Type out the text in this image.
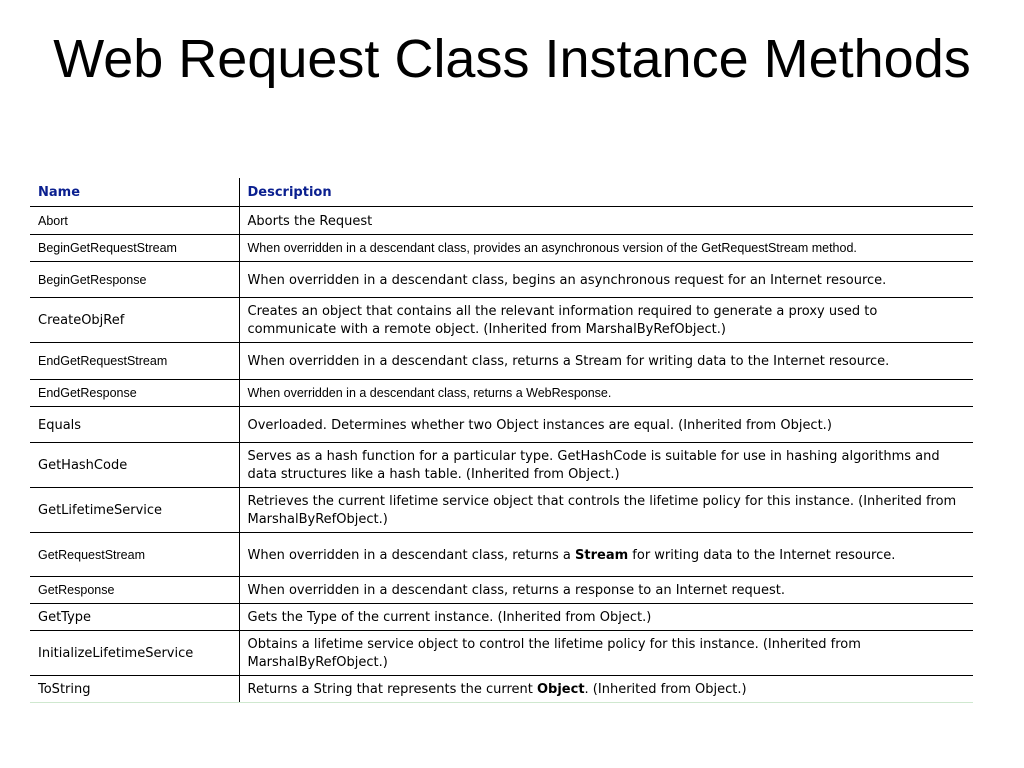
Web Request Class Instance Methods
Name	Description
Abort	Aborts the Request
BeginGetRequestStream	When overridden in a descendant class, provides an asynchronous version of the GetRequestStream method.
BeginGetResponse	When overridden in a descendant class, begins an asynchronous request for an Internet resource.
CreateObjRef	Creates an object that contains all the relevant information required to generate a proxy used to communicate with a remote object. (Inherited from MarshalByRefObject.)
EndGetRequestStream	When overridden in a descendant class, returns a Stream for writing data to the Internet resource.
EndGetResponse	When overridden in a descendant class, returns a WebResponse.
Equals	Overloaded. Determines whether two Object instances are equal. (Inherited from Object.)
GetHashCode	Serves as a hash function for a particular type. GetHashCode is suitable for use in hashing algorithms and data structures like a hash table. (Inherited from Object.)
GetLifetimeService	Retrieves the current lifetime service object that controls the lifetime policy for this instance. (Inherited from MarshalByRefObject.)
GetRequestStream	When overridden in a descendant class, returns a Stream for writing data to the Internet resource.
GetResponse	When overridden in a descendant class, returns a response to an Internet request.
GetType	Gets the Type of the current instance. (Inherited from Object.)
InitializeLifetimeService	Obtains a lifetime service object to control the lifetime policy for this instance. (Inherited from MarshalByRefObject.)
ToString	Returns a String that represents the current Object. (Inherited from Object.)
